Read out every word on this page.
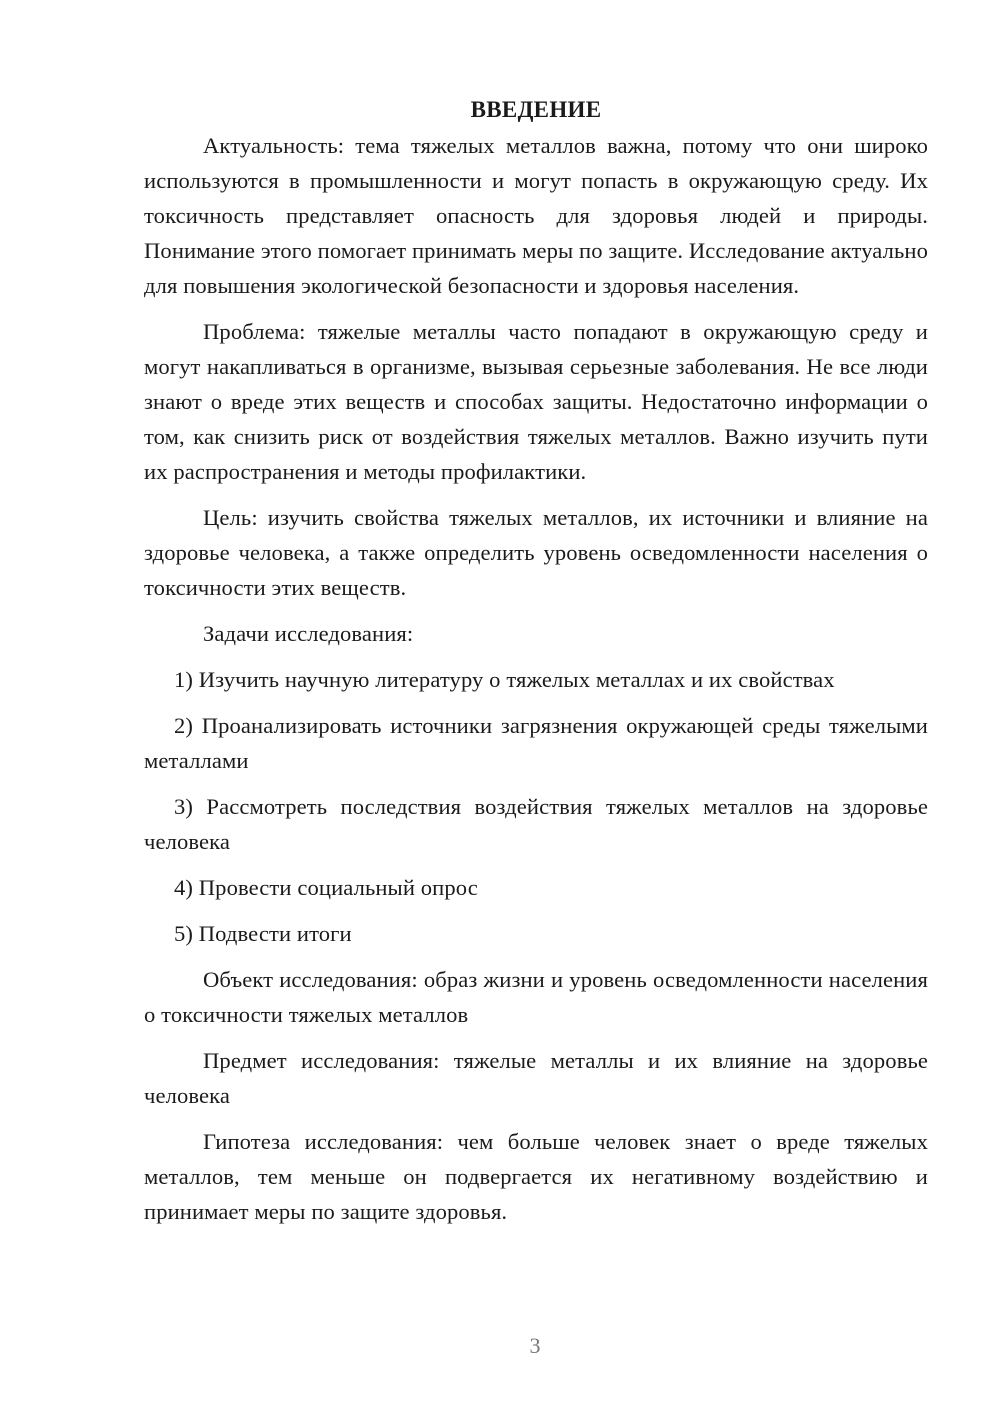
ВВЕДЕНИЕ

Актуальность: тема тяжелых металлов важна, потому что они широко используются в промышленности и могут попасть в окружающую среду. Их токсичность представляет опасность для здоровья людей и природы. Понимание этого помогает принимать меры по защите. Исследование актуально для повышения экологической безопасности и здоровья населения.

Проблема: тяжелые металлы часто попадают в окружающую среду и могут накапливаться в организме, вызывая серьезные заболевания. Не все люди знают о вреде этих веществ и способах защиты. Недостаточно информации о том, как снизить риск от воздействия тяжелых металлов. Важно изучить пути их распространения и методы профилактики.

Цель: изучить свойства тяжелых металлов, их источники и влияние на здоровье человека, а также определить уровень осведомленности населения о токсичности этих веществ.

Задачи исследования:

1) Изучить научную литературу о тяжелых металлах и их свойствах

2) Проанализировать источники загрязнения окружающей среды тяжелыми металлами

3) Рассмотреть последствия воздействия тяжелых металлов на здоровье человека

4) Провести социальный опрос

5) Подвести итоги

Объект исследования: образ жизни и уровень осведомленности населения о токсичности тяжелых металлов

Предмет исследования: тяжелые металлы и их влияние на здоровье человека

Гипотеза исследования: чем больше человек знает о вреде тяжелых металлов, тем меньше он подвергается их негативному воздействию и принимает меры по защите здоровья.

3
